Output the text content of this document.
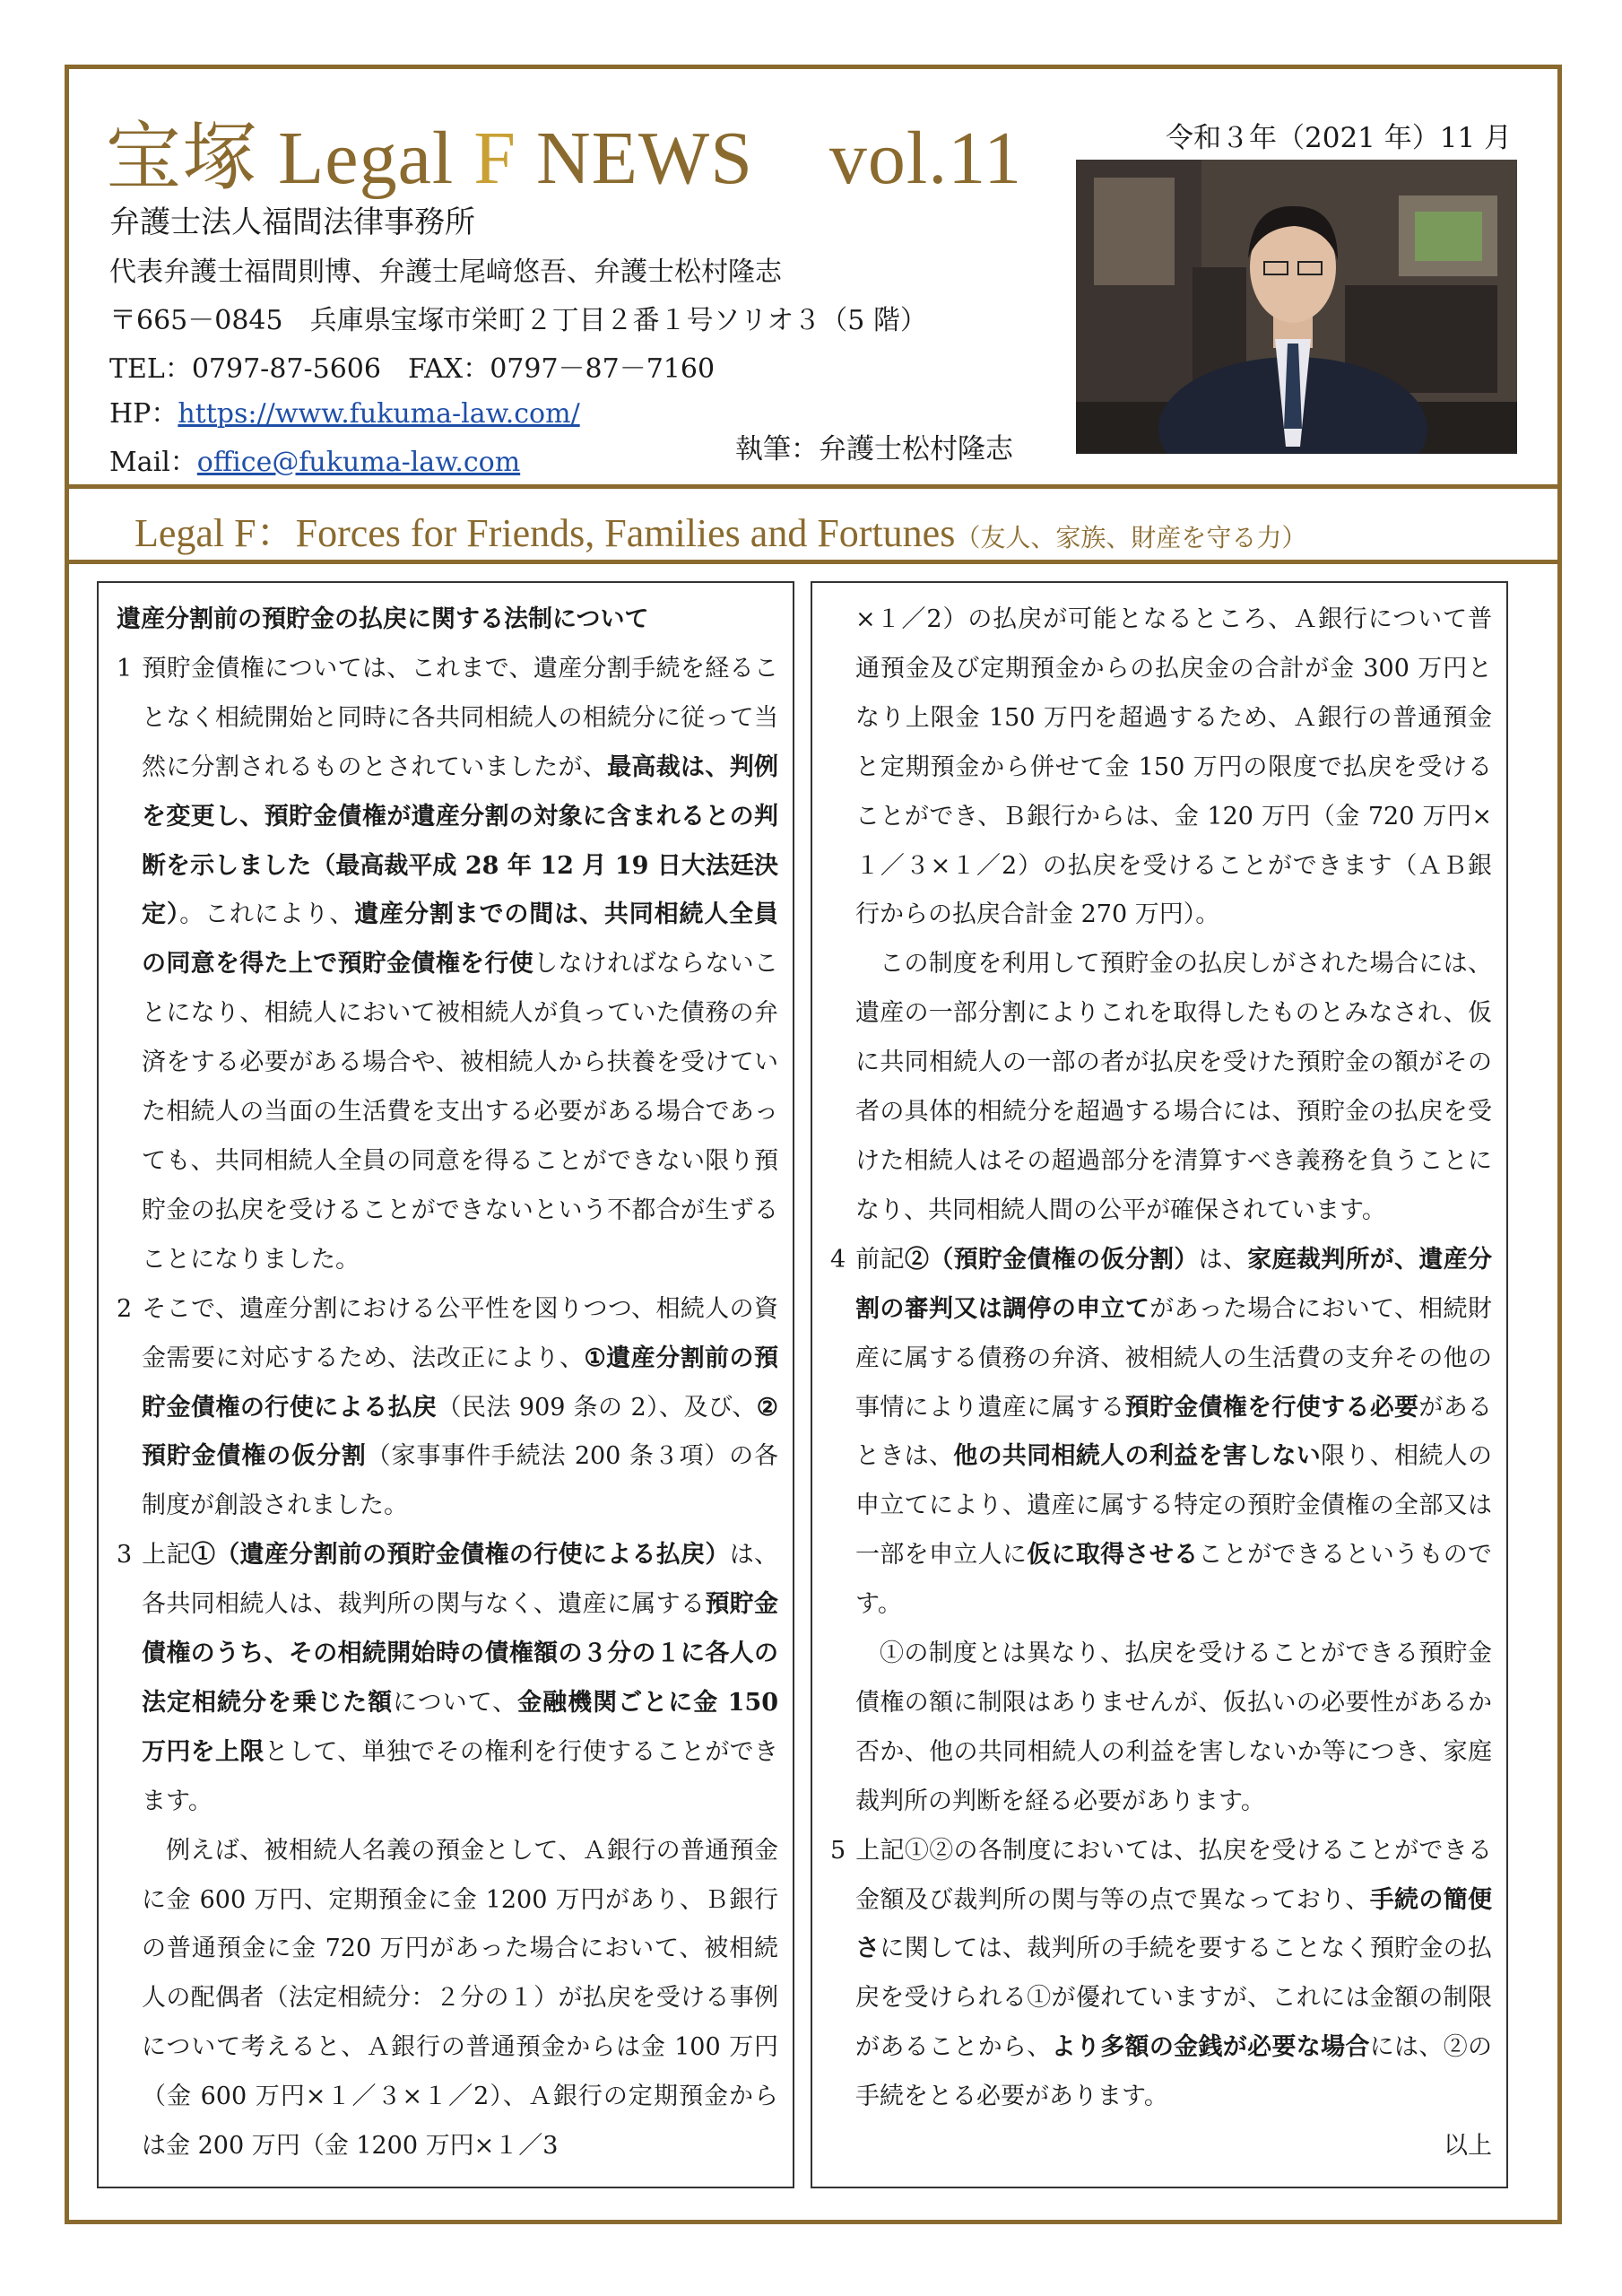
宝塚 Legal F NEWS　vol.11	令和３年（2021 年）11 月
弁護士法人福間法律事務所
代表弁護士福間則博、弁護士尾﨑悠吾、弁護士松村隆志
〒665－0845　兵庫県宝塚市栄町２丁目２番１号ソリオ３（5 階）
TEL：0797-87-5606　FAX：0797－87－7160
HP：https://www.fukuma-law.com/
Mail：office@fukuma-law.com	執筆：弁護士松村隆志
Legal F：Forces for Friends, Families and Fortunes（友人、家族、財産を守る力）

遺産分割前の預貯金の払戻に関する法制について

1 預貯金債権については、これまで、遺産分割手続を経ることなく相続開始と同時に各共同相続人の相続分に従って当然に分割されるものとされていましたが、最高裁は、判例を変更し、預貯金債権が遺産分割の対象に含まれるとの判断を示しました（最高裁平成 28 年 12 月 19 日大法廷決定）。これにより、遺産分割までの間は、共同相続人全員の同意を得た上で預貯金債権を行使しなければならないことになり、相続人において被相続人が負っていた債務の弁済をする必要がある場合や、被相続人から扶養を受けていた相続人の当面の生活費を支出する必要がある場合であっても、共同相続人全員の同意を得ることができない限り預貯金の払戻を受けることができないという不都合が生ずることになりました。

2 そこで、遺産分割における公平性を図りつつ、相続人の資金需要に対応するため、法改正により、①遺産分割前の預貯金債権の行使による払戻（民法 909 条の 2）、及び、②預貯金債権の仮分割（家事事件手続法 200 条３項）の各制度が創設されました。

3 上記①（遺産分割前の預貯金債権の行使による払戻）は、各共同相続人は、裁判所の関与なく、遺産に属する預貯金債権のうち、その相続開始時の債権額の３分の１に各人の法定相続分を乗じた額について、金融機関ごとに金 150 万円を上限として、単独でその権利を行使することができます。

例えば、被相続人名義の預金として、Ａ銀行の普通預金に金 600 万円、定期預金に金 1200 万円があり、Ｂ銀行の普通預金に金 720 万円があった場合において、被相続人の配偶者（法定相続分：２分の１）が払戻を受ける事例について考えると、Ａ銀行の普通預金からは金 100 万円（金 600 万円×１／３×１／2）、Ａ銀行の定期預金からは金 200 万円（金 1200 万円×１／3

×１／2）の払戻が可能となるところ、Ａ銀行について普通預金及び定期預金からの払戻金の合計が金 300 万円となり上限金 150 万円を超過するため、Ａ銀行の普通預金と定期預金から併せて金 150 万円の限度で払戻を受けることができ、Ｂ銀行からは、金 120 万円（金 720 万円×１／３×１／2）の払戻を受けることができます（ＡＢ銀行からの払戻合計金 270 万円）。

この制度を利用して預貯金の払戻しがされた場合には、遺産の一部分割によりこれを取得したものとみなされ、仮に共同相続人の一部の者が払戻を受けた預貯金の額がその者の具体的相続分を超過する場合には、預貯金の払戻を受けた相続人はその超過部分を清算すべき義務を負うことになり、共同相続人間の公平が確保されています。

4 前記②（預貯金債権の仮分割）は、家庭裁判所が、遺産分割の審判又は調停の申立てがあった場合において、相続財産に属する債務の弁済、被相続人の生活費の支弁その他の事情により遺産に属する預貯金債権を行使する必要があるときは、他の共同相続人の利益を害しない限り、相続人の申立てにより、遺産に属する特定の預貯金債権の全部又は一部を申立人に仮に取得させることができるというものです。

①の制度とは異なり、払戻を受けることができる預貯金債権の額に制限はありませんが、仮払いの必要性があるか否か、他の共同相続人の利益を害しないか等につき、家庭裁判所の判断を経る必要があります。

5 上記①②の各制度においては、払戻を受けることができる金額及び裁判所の関与等の点で異なっており、手続の簡便さに関しては、裁判所の手続を要することなく預貯金の払戻を受けられる①が優れていますが、これには金額の制限があることから、より多額の金銭が必要な場合には、②の手続をとる必要があります。

以上
